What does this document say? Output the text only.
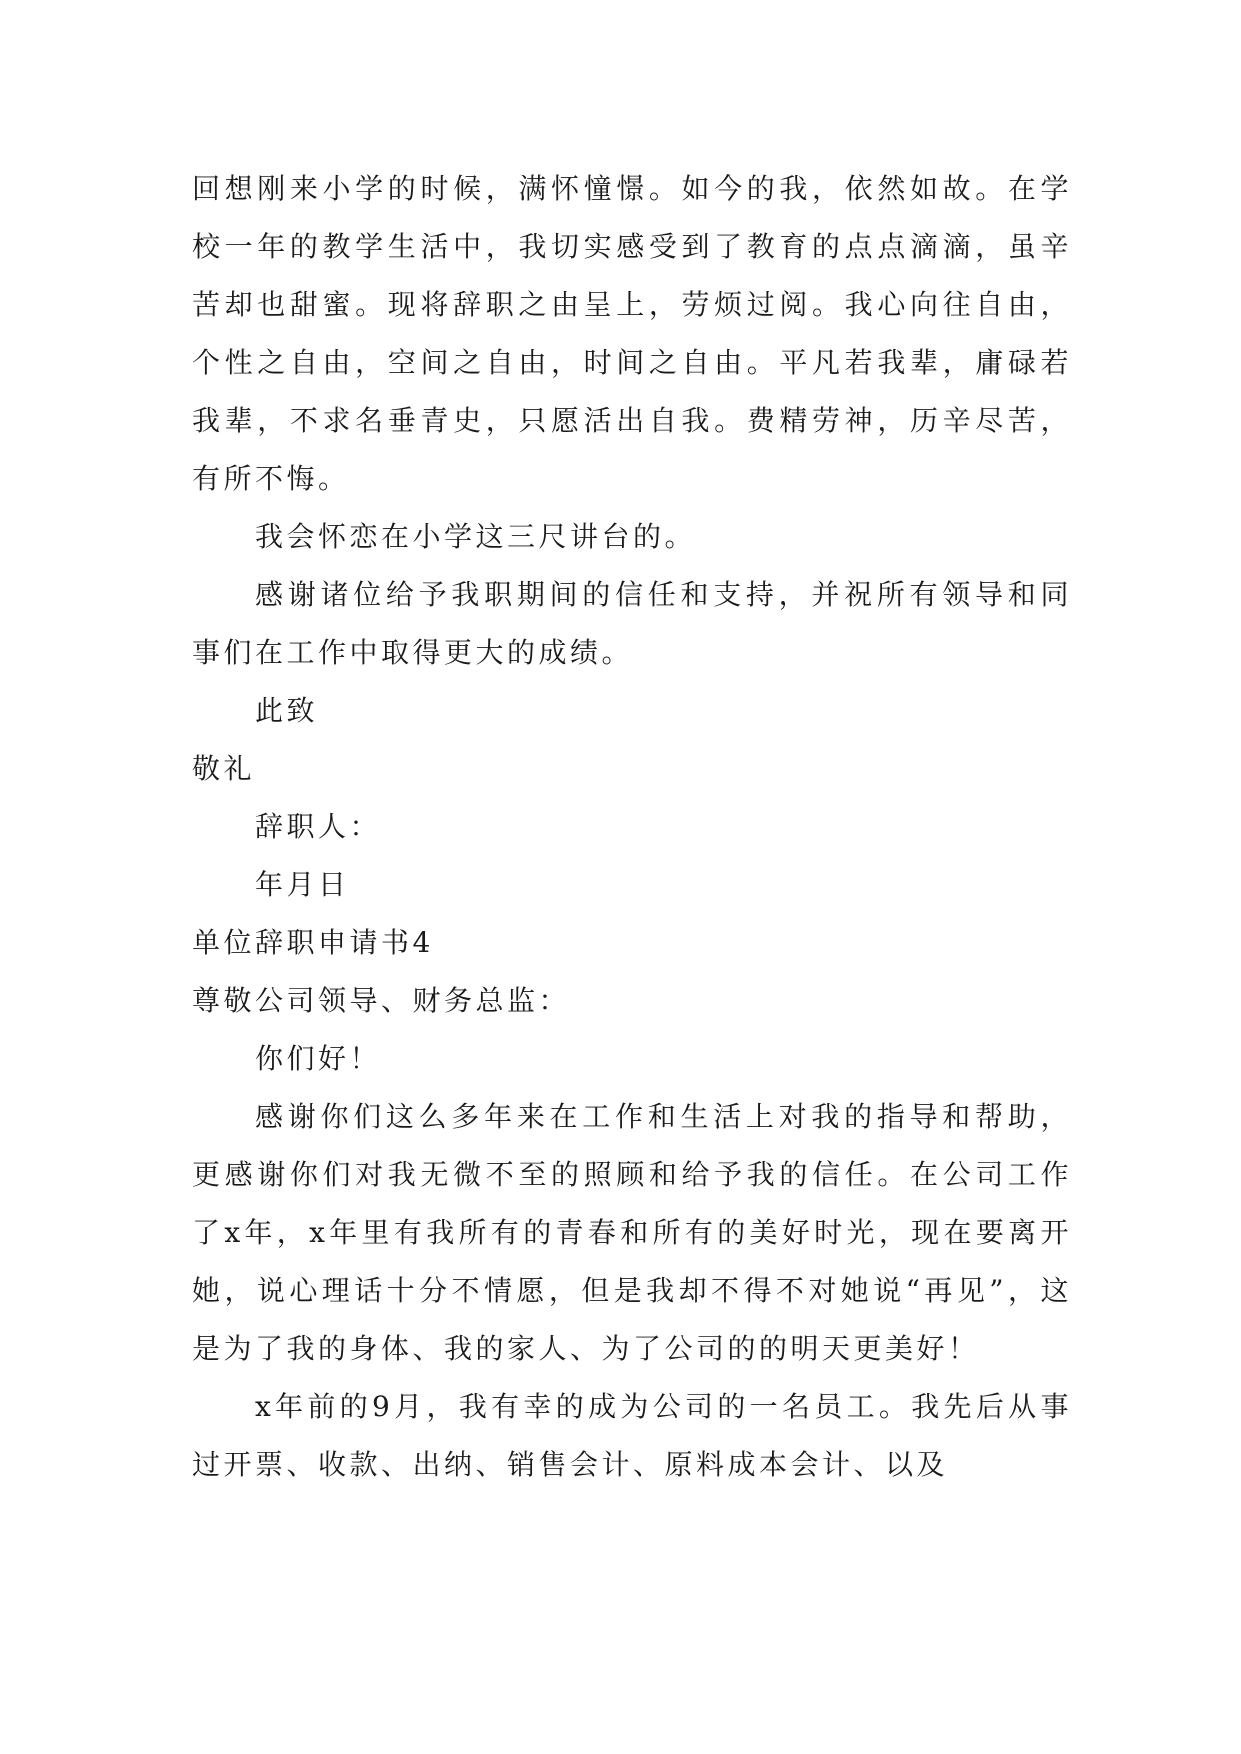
回想刚来小学的时候，满怀憧憬。如今的我，依然如故。在学校一年的教学生活中，我切实感受到了教育的点点滴滴，虽辛苦却也甜蜜。现将辞职之由呈上，劳烦过阅。我心向往自由，个性之自由，空间之自由，时间之自由。平凡若我辈，庸碌若我辈，不求名垂青史，只愿活出自我。费精劳神，历辛尽苦，有所不悔。

我会怀恋在小学这三尺讲台的。

感谢诸位给予我职期间的信任和支持，并祝所有领导和同事们在工作中取得更大的成绩。

此致

敬礼

辞职人：

年月日

单位辞职申请书4

尊敬公司领导、财务总监：

你们好！

感谢你们这么多年来在工作和生活上对我的指导和帮助，更感谢你们对我无微不至的照顾和给予我的信任。在公司工作了x年，x年里有我所有的青春和所有的美好时光，现在要离开她，说心理话十分不情愿，但是我却不得不对她说“再见”，这是为了我的身体、我的家人、为了公司的的明天更美好！

x年前的9月，我有幸的成为公司的一名员工。我先后从事过开票、收款、出纳、销售会计、原料成本会计、以及
